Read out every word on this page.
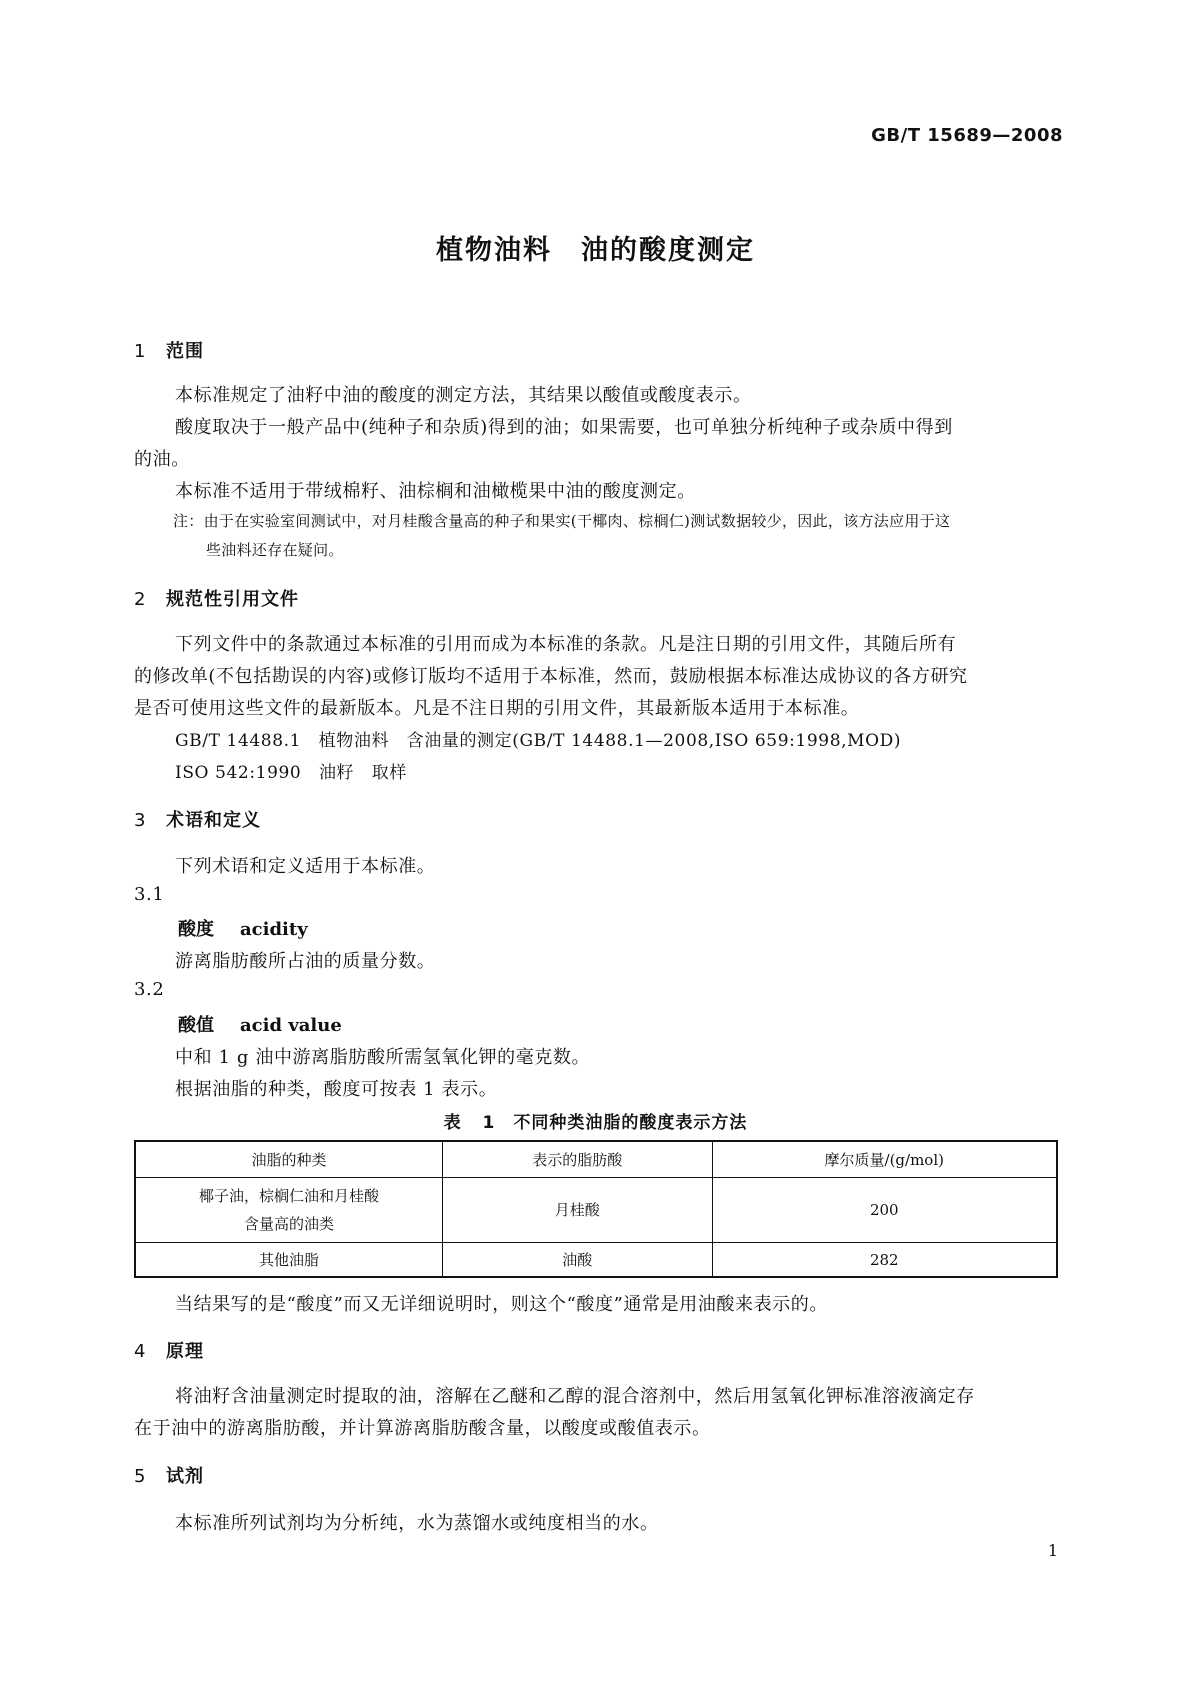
GB/T 15689—2008
植物油料　油的酸度测定
1 范围
本标准规定了油籽中油的酸度的测定方法，其结果以酸值或酸度表示。
酸度取决于一般产品中(纯种子和杂质)得到的油；如果需要，也可单独分析纯种子或杂质中得到
的油。
本标准不适用于带绒棉籽、油棕榈和油橄榄果中油的酸度测定。
注：由于在实验室间测试中，对月桂酸含量高的种子和果实(干椰肉、棕榈仁)测试数据较少，因此，该方法应用于这
些油料还存在疑问。
2 规范性引用文件
下列文件中的条款通过本标准的引用而成为本标准的条款。凡是注日期的引用文件，其随后所有
的修改单(不包括勘误的内容)或修订版均不适用于本标准，然而，鼓励根据本标准达成协议的各方研究
是否可使用这些文件的最新版本。凡是不注日期的引用文件，其最新版本适用于本标准。
GB/T 14488.1　植物油料　含油量的测定(GB/T 14488.1—2008,ISO 659:1998,MOD)
ISO 542:1990　油籽　取样
3 术语和定义
下列术语和定义适用于本标准。
3.1
酸度 acidity
游离脂肪酸所占油的质量分数。
3.2
酸值 acid value
中和 1 g 油中游离脂肪酸所需氢氧化钾的毫克数。
根据油脂的种类，酸度可按表 1 表示。
表 1　不同种类油脂的酸度表示方法
油脂的种类	表示的脂肪酸	摩尔质量/(g/mol)
椰子油，棕榈仁油和月桂酸
含量高的油类	月桂酸	200
其他油脂	油酸	282
当结果写的是“酸度”而又无详细说明时，则这个“酸度”通常是用油酸来表示的。
4 原理
将油籽含油量测定时提取的油，溶解在乙醚和乙醇的混合溶剂中，然后用氢氧化钾标准溶液滴定存
在于油中的游离脂肪酸，并计算游离脂肪酸含量，以酸度或酸值表示。
5 试剂
本标准所列试剂均为分析纯，水为蒸馏水或纯度相当的水。
1
